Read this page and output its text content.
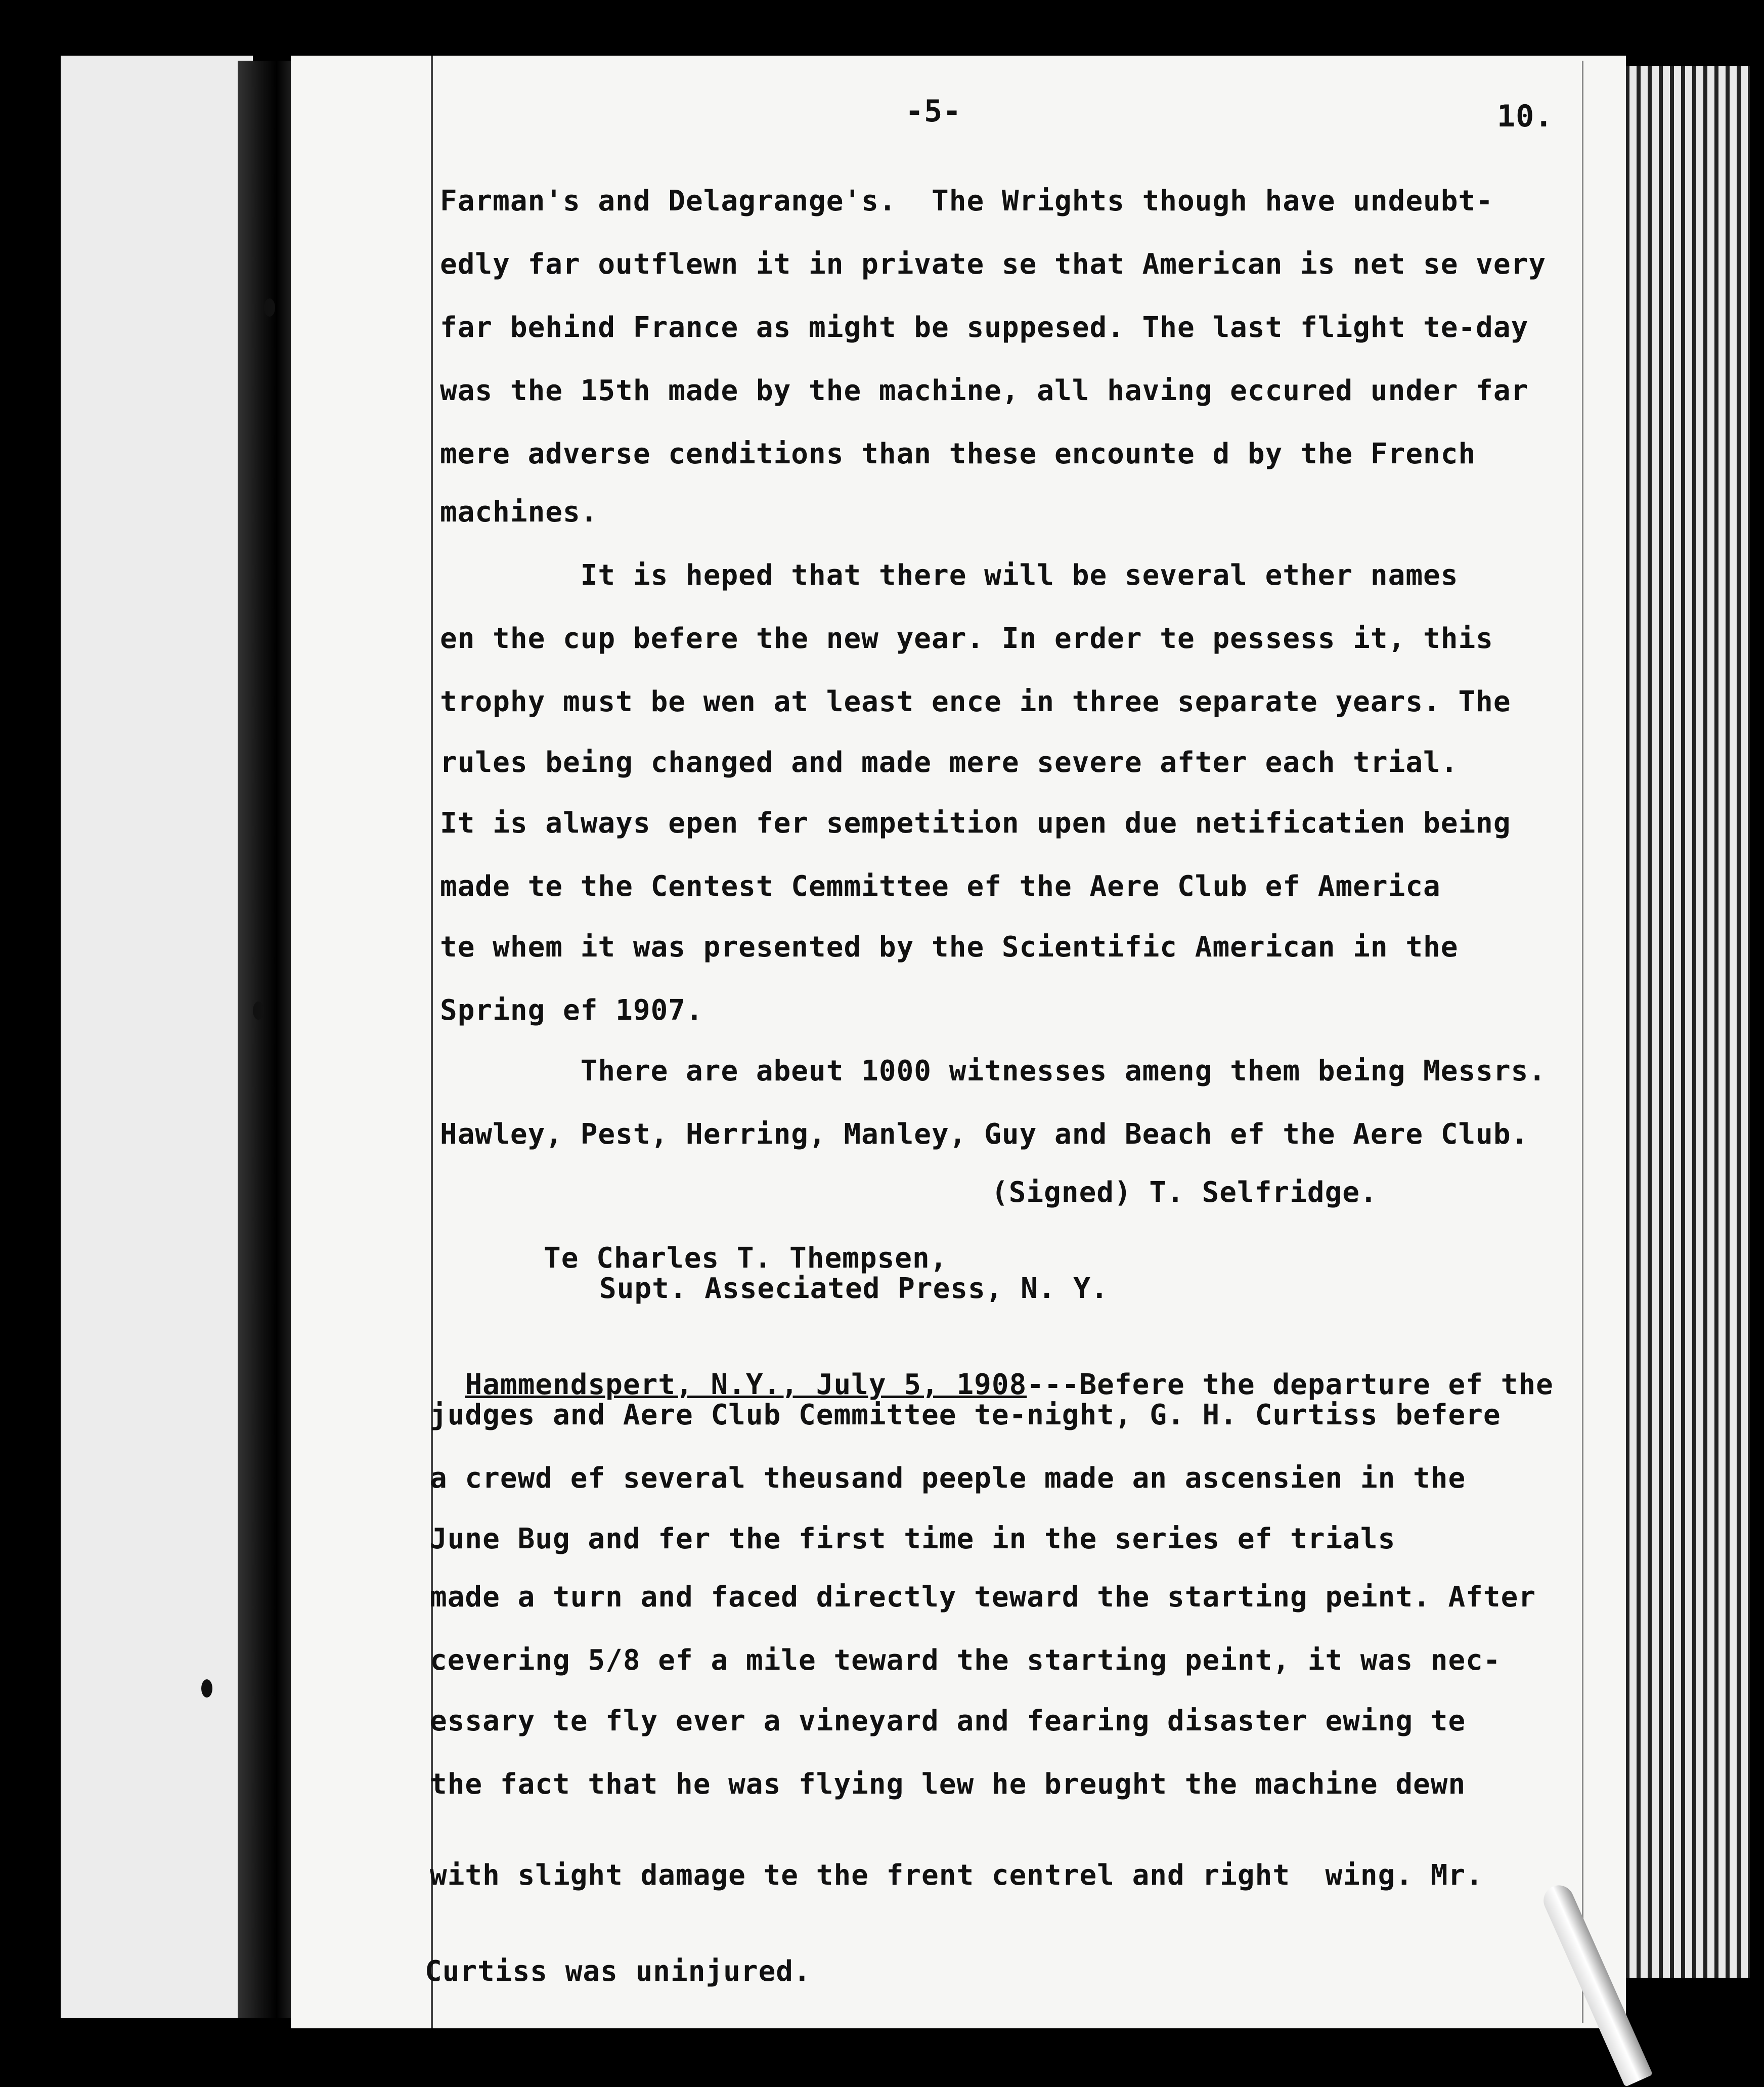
-5-	10.
Farman's and Delagrange's.  The Wrights though have undeubt-
edly far outflewn it in private se that American is net se very
far behind France as might be suppesed. The last flight te-day
was the 15th made by the machine, all having eccured under far
mere adverse cenditions than these encounte d by the French
machines.
It is heped that there will be several ether names
en the cup befere the new year. In erder te pessess it, this
trophy must be wen at least ence in three separate years. The
rules being changed and made mere severe after each trial.
It is always epen fer sempetition upen due netificatien being
made te the Centest Cemmittee ef the Aere Club ef America
te whem it was presented by the Scientific American in the
Spring ef 1907.
There are abeut 1000 witnesses ameng them being Messrs.
Hawley, Pest, Herring, Manley, Guy and Beach ef the Aere Club.
(Signed) T. Selfridge.
Te Charles T. Thempsen,
Supt. Asseciated Press, N. Y.

Hammendspert, N.Y., July 5, 1908---Befere the departure ef the

judges and Aere Club Cemmittee te-night, G. H. Curtiss befere
a crewd ef several theusand peeple made an ascensien in the
June Bug and fer the first time in the series ef trials
made a turn and faced directly teward the starting peint. After
cevering 5/8 ef a mile teward the starting peint, it was nec-
essary te fly ever a vineyard and fearing disaster ewing te
the fact that he was flying lew he breught the machine dewn
with slight damage te the frent centrel and right  wing. Mr.
Curtiss was uninjured.
